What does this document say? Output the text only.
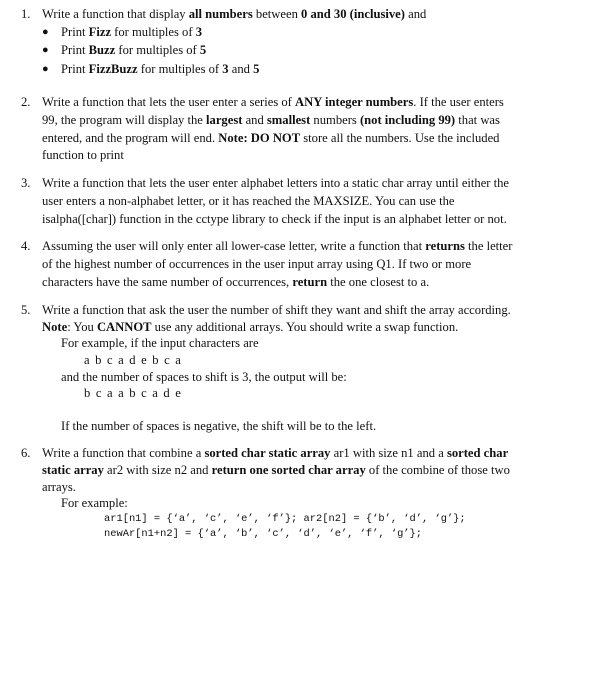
1. Write a function that display all numbers between 0 and 30 (inclusive) and
● Print Fizz for multiples of 3
● Print Buzz for multiples of 5
● Print FizzBuzz for multiples of 3 and 5
2. Write a function that lets the user enter a series of ANY integer numbers. If the user enters
99, the program will display the largest and smallest numbers (not including 99) that was
entered, and the program will end. Note: DO NOT store all the numbers. Use the included
function to print
3. Write a function that lets the user enter alphabet letters into a static char array until either the
user enters a non-alphabet letter, or it has reached the MAXSIZE. You can use the
isalpha([char]) function in the cctype library to check if the input is an alphabet letter or not.
4. Assuming the user will only enter all lower-case letter, write a function that returns the letter
of the highest number of occurrences in the user input array using Q1. If two or more
characters have the same number of occurrences, return the one closest to a.
5. Write a function that ask the user the number of shift they want and shift the array according.
Note: You CANNOT use any additional arrays. You should write a swap function.
For example, if the input characters are
a b c a d e b c a
and the number of spaces to shift is 3, the output will be:
b c a a b c a d e
If the number of spaces is negative, the shift will be to the left.
6. Write a function that combine a sorted char static array ar1 with size n1 and a sorted char
static array ar2 with size n2 and return one sorted char array of the combine of those two
arrays.
For example:
ar1[n1] = {‘a’, ‘c’, ‘e’, ‘f’}; ar2[n2] = {‘b’, ‘d’, ‘g’};
newAr[n1+n2] = {‘a’, ‘b’, ‘c’, ‘d’, ‘e’, ‘f’, ‘g’};
